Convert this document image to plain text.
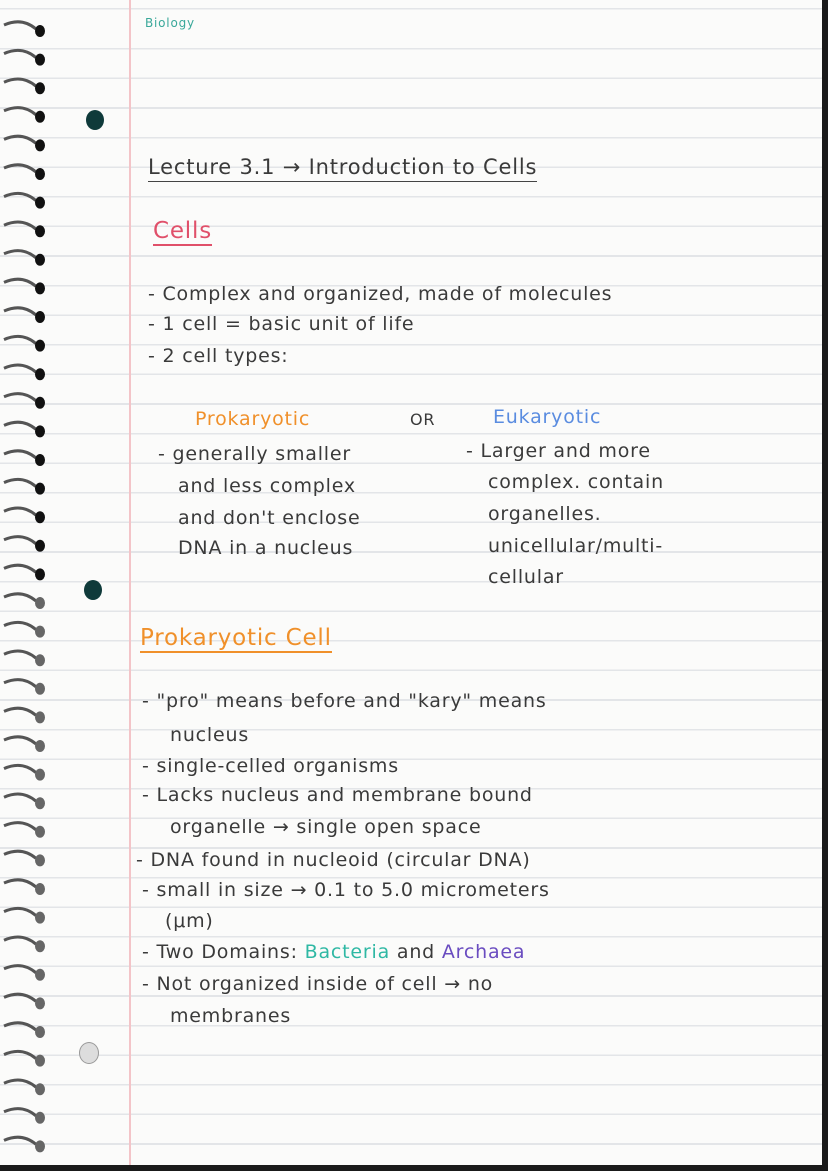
Biology
Lecture 3.1 → Introduction to Cells
Cells
- Complex and organized, made of molecules
- 1 cell = basic unit of life
- 2 cell types:
Prokaryotic	OR	Eukaryotic
- generally smaller
and less complex
and don't enclose
DNA in a nucleus
- Larger and more
complex. contain
organelles.
unicellular/multi-
cellular
Prokaryotic Cell
- "pro" means before and "kary" means
nucleus
- single-celled organisms
- Lacks nucleus and membrane bound
organelle → single open space
- DNA found in nucleoid (circular DNA)
- small in size → 0.1 to 5.0 micrometers
(μm)
- Two Domains: Bacteria and Archaea
- Not organized inside of cell → no
membranes
